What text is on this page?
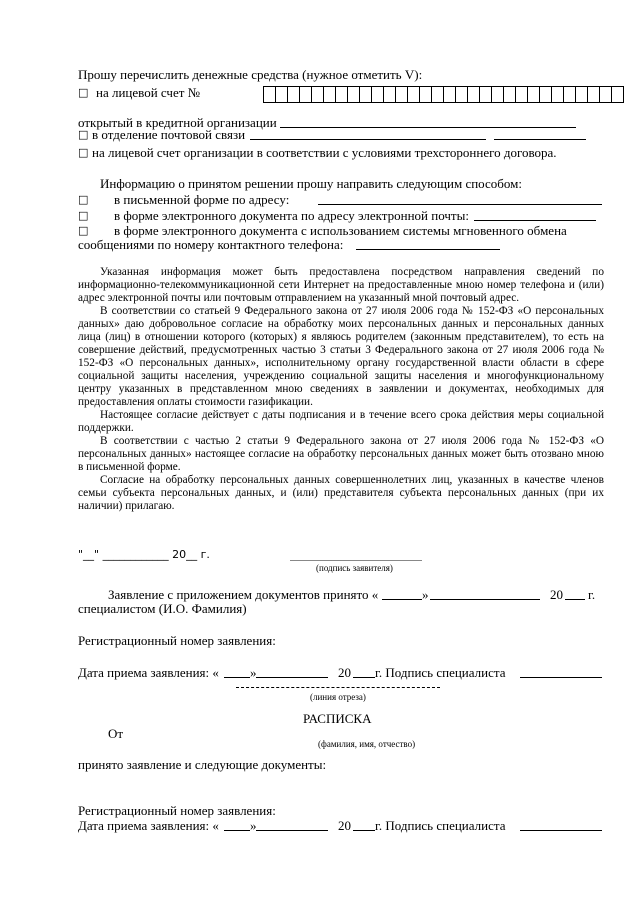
Прошу перечислить денежные средства (нужное отметить V):
□ на лицевой счет №
открытый в кредитной организации
□ в отделение почтовой связи
□ на лицевой счет организации в соответствии с условиями трехстороннего договора.
Информацию о принятом решении прошу направить следующим способом:
□ в письменной форме по адресу:
□ в форме электронного документа по адресу электронной почты:
□ в форме электронного документа с использованием системы мгновенного обмена
сообщениями по номеру контактного телефона:

Указанная информация может быть предоставлена посредством направления сведений по информационно-телекоммуникационной сети Интернет на предоставленные мною номер телефона и (или) адрес электронной почты или почтовым отправлением на указанный мной почтовый адрес.

В соответствии со статьей 9 Федерального закона от 27 июля 2006 года № 152-ФЗ «О персональных данных» даю добровольное согласие на обработку моих персональных данных и персональных данных лица (лиц) в отношении которого (которых) я являюсь родителем (законным представителем), то есть на совершение действий, предусмотренных частью 3 статьи 3 Федерального закона от 27 июля 2006 года № 152-ФЗ «О персональных данных», исполнительному органу государственной власти области в сфере социальной защиты населения, учреждению социальной защиты населения и многофункциональному центру указанных в представленном мною сведениях в заявлении и документах, необходимых для предоставления оплаты стоимости газификации.

Настоящее согласие действует с даты подписания и в течение всего срока действия меры социальной поддержки.

В соответствии с частью 2 статьи 9 Федерального закона от 27 июля 2006 года № 152-ФЗ «О персональных данных» настоящее согласие на обработку персональных данных может быть отозвано мною в письменной форме.

Согласие на обработку персональных данных совершеннолетних лиц, указанных в качестве членов семьи субъекта персональных данных, и (или) представителя субъекта персональных данных (при их наличии) прилагаю.

"__" ____________ 20__ г.
(подпись заявителя)
Заявление с приложением документов принято «	»	20 г.
специалистом (И.О. Фамилия)
Регистрационный номер заявления:
Дата приема заявления: « »	20 г. Подпись специалиста
(линия отреза)
РАСПИСКА
От
(фамилия, имя, отчество)
принято заявление и следующие документы:
Регистрационный номер заявления:
Дата приема заявления: « »	20 г. Подпись специалиста
